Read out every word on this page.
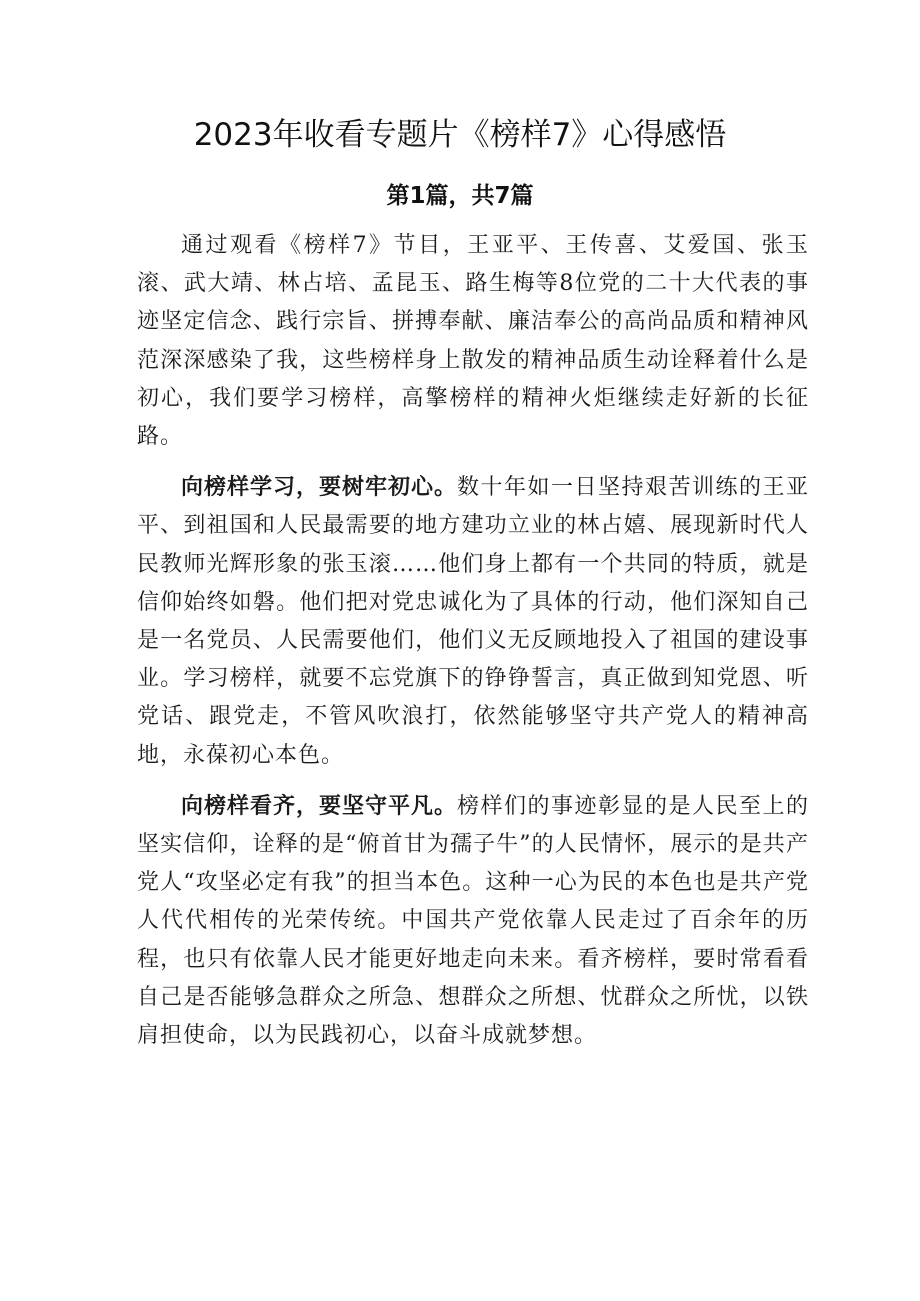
2023年收看专题片《榜样7》心得感悟
第1篇，共7篇

通过观看《榜样7》节目，王亚平、王传喜、艾爱国、张玉滚、武大靖、林占培、孟昆玉、路生梅等8位党的二十大代表的事迹坚定信念、践行宗旨、拼搏奉献、廉洁奉公的高尚品质和精神风范深深感染了我，这些榜样身上散发的精神品质生动诠释着什么是初心，我们要学习榜样，高擎榜样的精神火炬继续走好新的长征路。

向榜样学习，要树牢初心。数十年如一日坚持艰苦训练的王亚平、到祖国和人民最需要的地方建功立业的林占嬉、展现新时代人民教师光辉形象的张玉滚……他们身上都有一个共同的特质，就是信仰始终如磐。他们把对党忠诚化为了具体的行动，他们深知自己是一名党员、人民需要他们，他们义无反顾地投入了祖国的建设事业。学习榜样，就要不忘党旗下的铮铮誓言，真正做到知党恩、听党话、跟党走，不管风吹浪打，依然能够坚守共产党人的精神高地，永葆初心本色。

向榜样看齐，要坚守平凡。榜样们的事迹彰显的是人民至上的坚实信仰，诠释的是“俯首甘为孺子牛”的人民情怀，展示的是共产党人“攻坚必定有我”的担当本色。这种一心为民的本色也是共产党人代代相传的光荣传统。中国共产党依靠人民走过了百余年的历程，也只有依靠人民才能更好地走向未来。看齐榜样，要时常看看自己是否能够急群众之所急、想群众之所想、忧群众之所忧，以铁肩担使命，以为民践初心，以奋斗成就梦想。
